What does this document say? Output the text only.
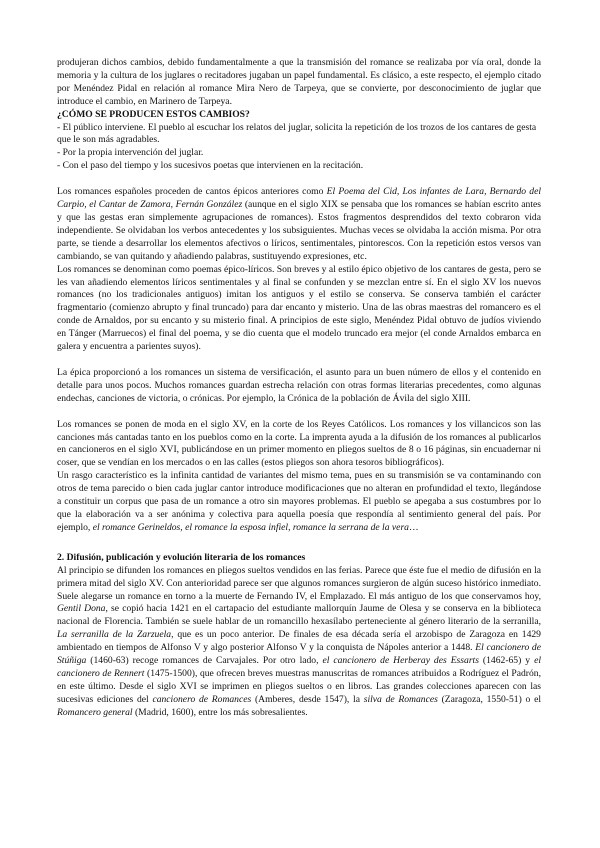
produjeran dichos cambios, debido fundamentalmente a que la transmisión del romance se realizaba por vía oral, donde la memoria y la cultura de los juglares o recitadores jugaban un papel fundamental. Es clásico, a este respecto, el ejemplo citado por Menéndez Pidal en relación al romance Mira Nero de Tarpeya, que se convierte, por desconocimiento de juglar que introduce el cambio, en Marinero de Tarpeya.

¿CÓMO SE PRODUCEN ESTOS CAMBIOS?

- El público interviene. El pueblo al escuchar los relatos del juglar, solicita la repetición de los trozos de los cantares de gesta que le son más agradables.

- Por la propia intervención del juglar.

- Con el paso del tiempo y los sucesivos poetas que intervienen en la recitación.

Los romances españoles proceden de cantos épicos anteriores como El Poema del Cid, Los infantes de Lara, Bernardo del Carpio, el Cantar de Zamora, Fernán González (aunque en el siglo XIX se pensaba que los romances se habían escrito antes y que las gestas eran simplemente agrupaciones de romances). Estos fragmentos desprendidos del texto cobraron vida independiente. Se olvidaban los verbos antecedentes y los subsiguientes. Muchas veces se olvidaba la acción misma. Por otra parte, se tiende a desarrollar los elementos afectivos o líricos, sentimentales, pintorescos. Con la repetición estos versos van cambiando, se van quitando y añadiendo palabras, sustituyendo expresiones, etc.

Los romances se denominan como poemas épico-líricos. Son breves y al estilo épico objetivo de los cantares de gesta, pero se les van añadiendo elementos líricos sentimentales y al final se confunden y se mezclan entre sí. En el siglo XV los nuevos romances (no los tradicionales antiguos) imitan los antiguos y el estilo se conserva. Se conserva también el carácter fragmentario (comienzo abrupto y final truncado) para dar encanto y misterio. Una de las obras maestras del romancero es el conde de Arnaldos, por su encanto y su misterio final. A principios de este siglo, Menéndez Pidal obtuvo de judíos viviendo en Tánger (Marruecos) el final del poema, y se dio cuenta que el modelo truncado era mejor (el conde Arnaldos embarca en galera y encuentra a parientes suyos).

La épica proporcionó a los romances un sistema de versificación, el asunto para un buen número de ellos y el contenido en detalle para unos pocos. Muchos romances guardan estrecha relación con otras formas literarias precedentes, como algunas endechas, canciones de victoria, o crónicas. Por ejemplo, la Crónica de la población de Ávila del siglo XIII.

Los romances se ponen de moda en el siglo XV, en la corte de los Reyes Católicos. Los romances y los villancicos son las canciones más cantadas tanto en los pueblos como en la corte. La imprenta ayuda a la difusión de los romances al publicarlos en cancioneros en el siglo XVI, publicándose en un primer momento en pliegos sueltos de 8 o 16 páginas, sin encuadernar ni coser, que se vendían en los mercados o en las calles (estos pliegos son ahora tesoros bibliográficos).

Un rasgo característico es la infinita cantidad de variantes del mismo tema, pues en su transmisión se va contaminando con otros de tema parecido o bien cada juglar cantor introduce modificaciones que no alteran en profundidad el texto, llegándose a constituir un corpus que pasa de un romance a otro sin mayores problemas. El pueblo se apegaba a sus costumbres por lo que la elaboración va a ser anónima y colectiva para aquella poesía que respondía al sentimiento general del país. Por ejemplo, el romance Gerineldos, el romance la esposa infiel, romance la serrana de la vera…

2. Difusión, publicación y evolución literaria de los romances

Al principio se difunden los romances en pliegos sueltos vendidos en las ferias. Parece que éste fue el medio de difusión en la primera mitad del siglo XV. Con anterioridad parece ser que algunos romances surgieron de algún suceso histórico inmediato. Suele alegarse un romance en torno a la muerte de Fernando IV, el Emplazado. El más antiguo de los que conservamos hoy, Gentil Dona, se copió hacia 1421 en el cartapacio del estudiante mallorquín Jaume de Olesa y se conserva en la biblioteca nacional de Florencia. También se suele hablar de un romancillo hexasílabo perteneciente al género literario de la serranilla, La serranilla de la Zarzuela, que es un poco anterior. De finales de esa década sería el arzobispo de Zaragoza en 1429 ambientado en tiempos de Alfonso V y algo posterior Alfonso V y la conquista de Nápoles anterior a 1448. El cancionero de Stúñiga (1460-63) recoge romances de Carvajales. Por otro lado, el cancionero de Herberay des Essarts (1462-65) y el cancionero de Rennert (1475-1500), que ofrecen breves muestras manuscritas de romances atribuidos a Rodríguez el Padrón, en este último. Desde el siglo XVI se imprimen en pliegos sueltos o en libros. Las grandes colecciones aparecen con las sucesivas ediciones del cancionero de Romances (Amberes, desde 1547), la silva de Romances (Zaragoza, 1550-51) o el Romancero general (Madrid, 1600), entre los más sobresalientes.
